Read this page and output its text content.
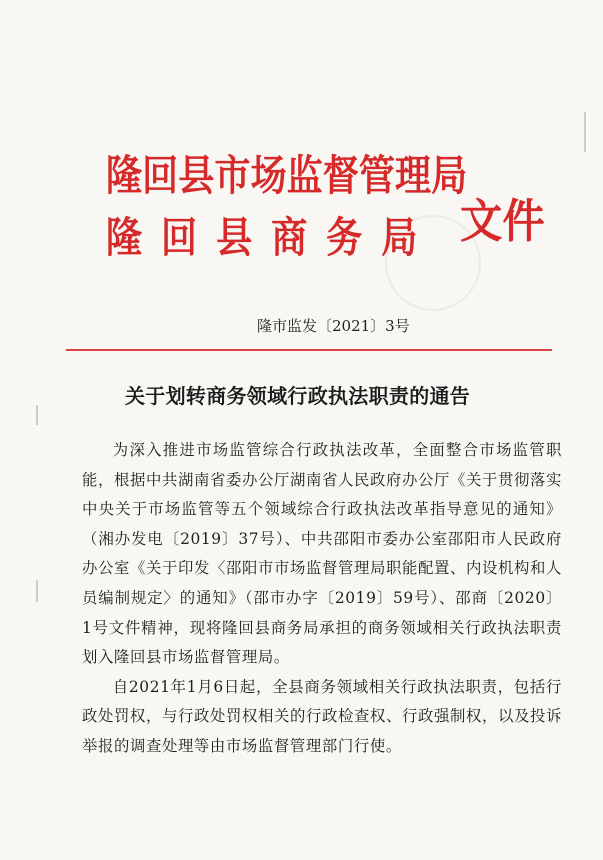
隆回县市场监督管理局
隆回县商务局 文件
隆市监发〔2021〕3号
关于划转商务领域行政执法职责的通告

为深入推进市场监管综合行政执法改革，全面整合市场监管职能，根据中共湖南省委办公厅湖南省人民政府办公厅《关于贯彻落实中央关于市场监管等五个领域综合行政执法改革指导意见的通知》（湘办发电〔2019〕37号）、中共邵阳市委办公室邵阳市人民政府办公室《关于印发〈邵阳市市场监督管理局职能配置、内设机构和人员编制规定〉的通知》（邵市办字〔2019〕59号）、邵商〔2020〕1号文件精神，现将隆回县商务局承担的商务领域相关行政执法职责划入隆回县市场监督管理局。

自2021年1月6日起，全县商务领域相关行政执法职责，包括行政处罚权，与行政处罚权相关的行政检查权、行政强制权，以及投诉举报的调查处理等由市场监督管理部门行使。
